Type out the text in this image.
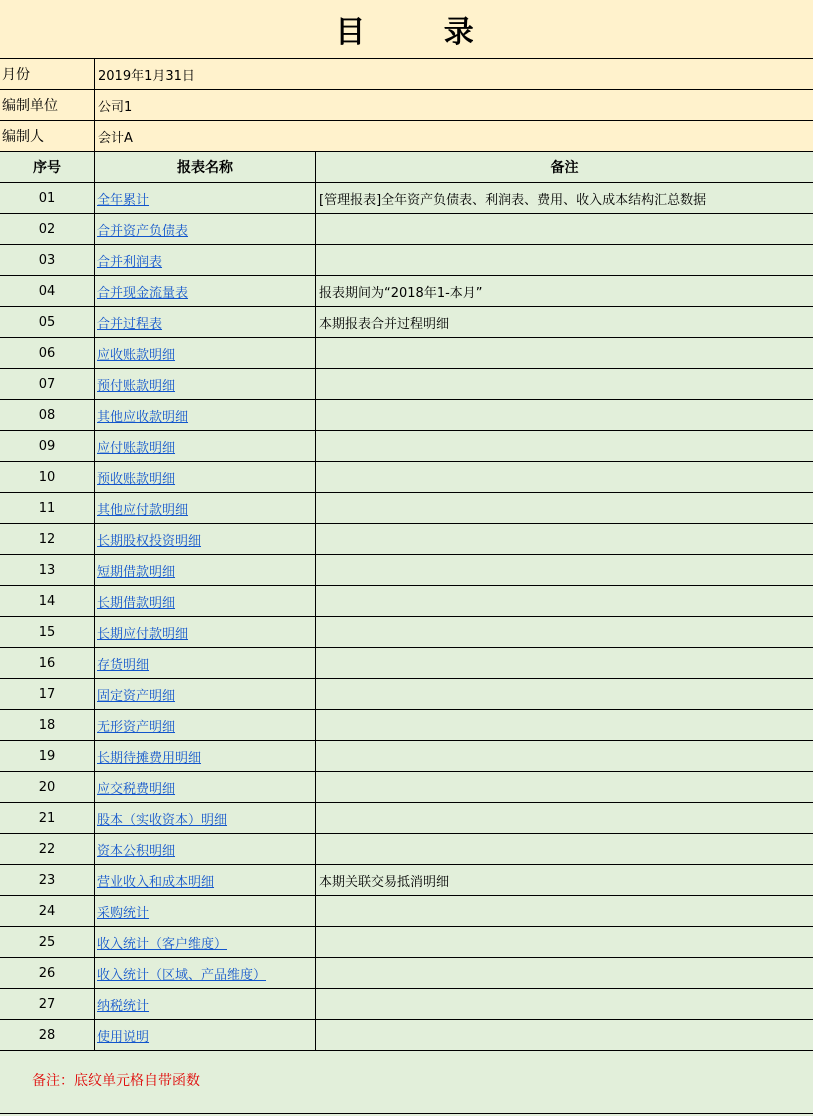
目 录
月份	2019年1月31日
编制单位	公司1
编制人	会计A
序号	报表名称	备注
01	全年累计	[管理报表]全年资产负债表、利润表、费用、收入成本结构汇总数据
02	合并资产负债表
03	合并利润表
04	合并现金流量表	报表期间为“2018年1-本月”
05	合并过程表	本期报表合并过程明细
06	应收账款明细
07	预付账款明细
08	其他应收款明细
09	应付账款明细
10	预收账款明细
11	其他应付款明细
12	长期股权投资明细
13	短期借款明细
14	长期借款明细
15	长期应付款明细
16	存货明细
17	固定资产明细
18	无形资产明细
19	长期待摊费用明细
20	应交税费明细
21	股本（实收资本）明细
22	资本公积明细
23	营业收入和成本明细	本期关联交易抵消明细
24	采购统计
25	收入统计（客户维度）
26	收入统计（区域、产品维度）
27	纳税统计
28	使用说明
备注：底纹单元格自带函数
